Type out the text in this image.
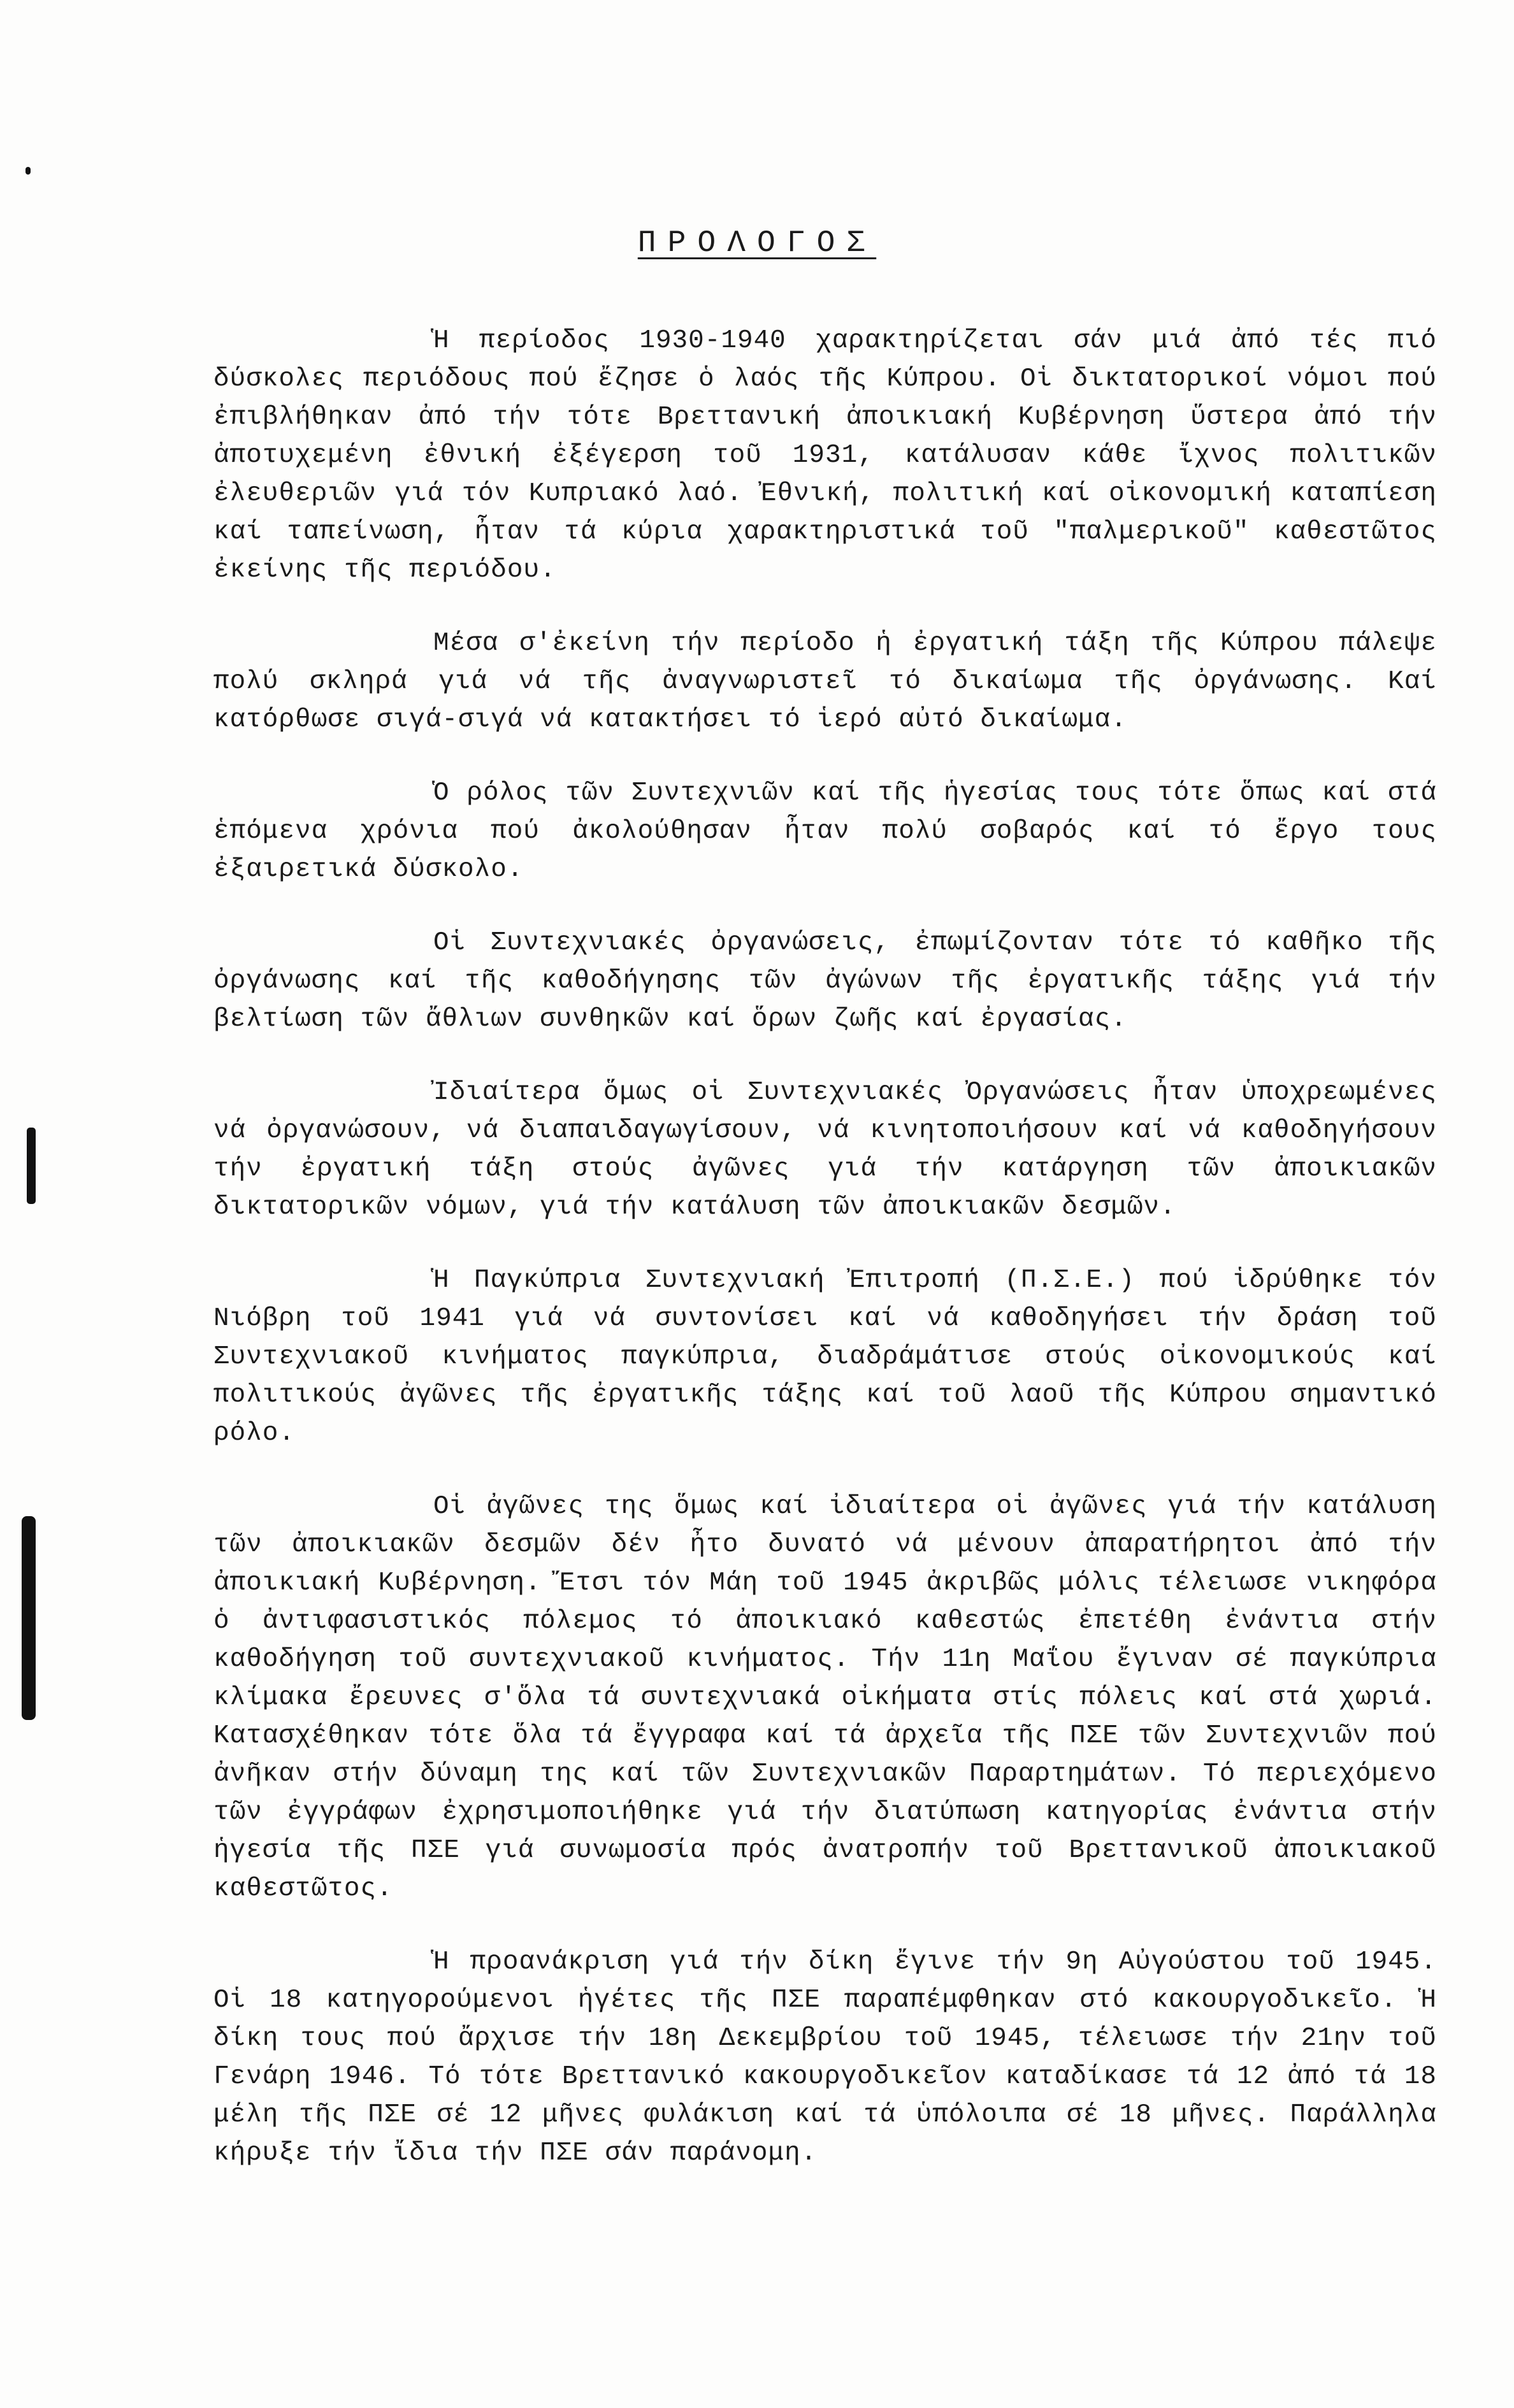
ΠΡΟΛΟΓΟΣ

Ἡ περίοδος 1930-1940 χαρακτηρίζεται σάν μιά ἀπό τές πιό δύσκολες περιόδους πού ἔζησε ὁ λαός τῆς Κύπρου. Οἱ δικτατορικοί νόμοι πού ἐπιβλήθηκαν ἀπό τήν τότε Βρεττανική ἀποικιακή Κυβέρνηση ὕστερα ἀπό τήν ἀποτυχεμένη ἐθνική ἐξέγερση τοῦ 1931, κατάλυσαν κάθε ἴχνος πολιτικῶν ἐλευθεριῶν γιά τόν Κυπριακό λαό. Ἐθνική, πολιτική καί οἰκονομική καταπίεση καί ταπείνωση, ἦταν τά κύρια χαρακτηριστικά τοῦ "παλμερικοῦ" καθεστῶτος ἐκείνης τῆς περιόδου.

Μέσα σ'ἐκείνη τήν περίοδο ἡ ἐργατική τάξη τῆς Κύπρου πάλεψε πολύ σκληρά γιά νά τῆς ἀναγνωριστεῖ τό δικαίωμα τῆς ὀργάνωσης. Καί κατόρθωσε σιγά-σιγά νά κατακτήσει τό ἱερό αὐτό δικαίωμα.

Ὁ ρόλος τῶν Συντεχνιῶν καί τῆς ἡγεσίας τους τότε ὅπως καί στά ἑπόμενα χρόνια πού ἀκολούθησαν ἦταν πολύ σοβαρός καί τό ἔργο τους ἐξαιρετικά δύσκολο.

Οἱ Συντεχνιακές ὀργανώσεις, ἐπωμίζονταν τότε τό καθῆκο τῆς ὀργάνωσης καί τῆς καθοδήγησης τῶν ἀγώνων τῆς ἐργατικῆς τάξης γιά τήν βελτίωση τῶν ἄθλιων συνθηκῶν καί ὅρων ζωῆς καί ἐργασίας.

Ἰδιαίτερα ὅμως οἱ Συντεχνιακές Ὀργανώσεις ἦταν ὑποχρεωμένες νά ὀργανώσουν, νά διαπαιδαγωγίσουν, νά κινητοποιήσουν καί νά καθοδηγήσουν τήν ἐργατική τάξη στούς ἀγῶνες γιά τήν κατάργηση τῶν ἀποικιακῶν δικτατορικῶν νόμων, γιά τήν κατάλυση τῶν ἀποικιακῶν δεσμῶν.

Ἡ Παγκύπρια Συντεχνιακή Ἐπιτροπή (Π.Σ.Ε.) πού ἱδρύθηκε τόν Νιόβρη τοῦ 1941 γιά νά συντονίσει καί νά καθοδηγήσει τήν δράση τοῦ Συντεχνιακοῦ κινήματος παγκύπρια, διαδράμάτισε στούς οἰκονομικούς καί πολιτικούς ἀγῶνες τῆς ἐργατικῆς τάξης καί τοῦ λαοῦ τῆς Κύπρου σημαντικό ρόλο.

Οἱ ἀγῶνες της ὅμως καί ἰδιαίτερα οἱ ἀγῶνες γιά τήν κατάλυση τῶν ἀποικιακῶν δεσμῶν δέν ἦτο δυνατό νά μένουν ἀπαρατήρητοι ἀπό τήν ἀποικιακή Κυβέρνηση. Ἔτσι τόν Μάη τοῦ 1945 ἀκριβῶς μόλις τέλειωσε νικηφόρα ὁ ἀντιφασιστικός πόλεμος τό ἀποικιακό καθεστώς ἐπετέθη ἐνάντια στήν καθοδήγηση τοῦ συντεχνιακοῦ κινήματος. Τήν 11η Μαΐου ἔγιναν σέ παγκύπρια κλίμακα ἔρευνες σ'ὅλα τά συντεχνιακά οἰκήματα στίς πόλεις καί στά χωριά. Κατασχέθηκαν τότε ὅλα τά ἔγγραφα καί τά ἀρχεῖα τῆς ΠΣΕ τῶν Συντεχνιῶν πού ἀνῆκαν στήν δύναμη της καί τῶν Συντεχνιακῶν Παραρτημάτων. Τό περιεχόμενο τῶν ἐγγράφων ἐχρησιμοποιήθηκε γιά τήν διατύπωση κατηγορίας ἐνάντια στήν ἡγεσία τῆς ΠΣΕ γιά συνωμοσία πρός ἀνατροπήν τοῦ Βρεττανικοῦ ἀποικιακοῦ καθεστῶτος.

Ἡ προανάκριση γιά τήν δίκη ἔγινε τήν 9η Αὐγούστου τοῦ 1945. Οἱ 18 κατηγορούμενοι ἡγέτες τῆς ΠΣΕ παραπέμφθηκαν στό κακουργοδικεῖο. Ἡ δίκη τους πού ἄρχισε τήν 18η Δεκεμβρίου τοῦ 1945, τέλειωσε τήν 21ην τοῦ Γενάρη 1946. Τό τότε Βρεττανικό κακουργοδικεῖον καταδίκασε τά 12 ἀπό τά 18 μέλη τῆς ΠΣΕ σέ 12 μῆνες φυλάκιση καί τά ὑπόλοιπα σέ 18 μῆνες. Παράλληλα κήρυξε τήν ἴδια τήν ΠΣΕ σάν παράνομη.
